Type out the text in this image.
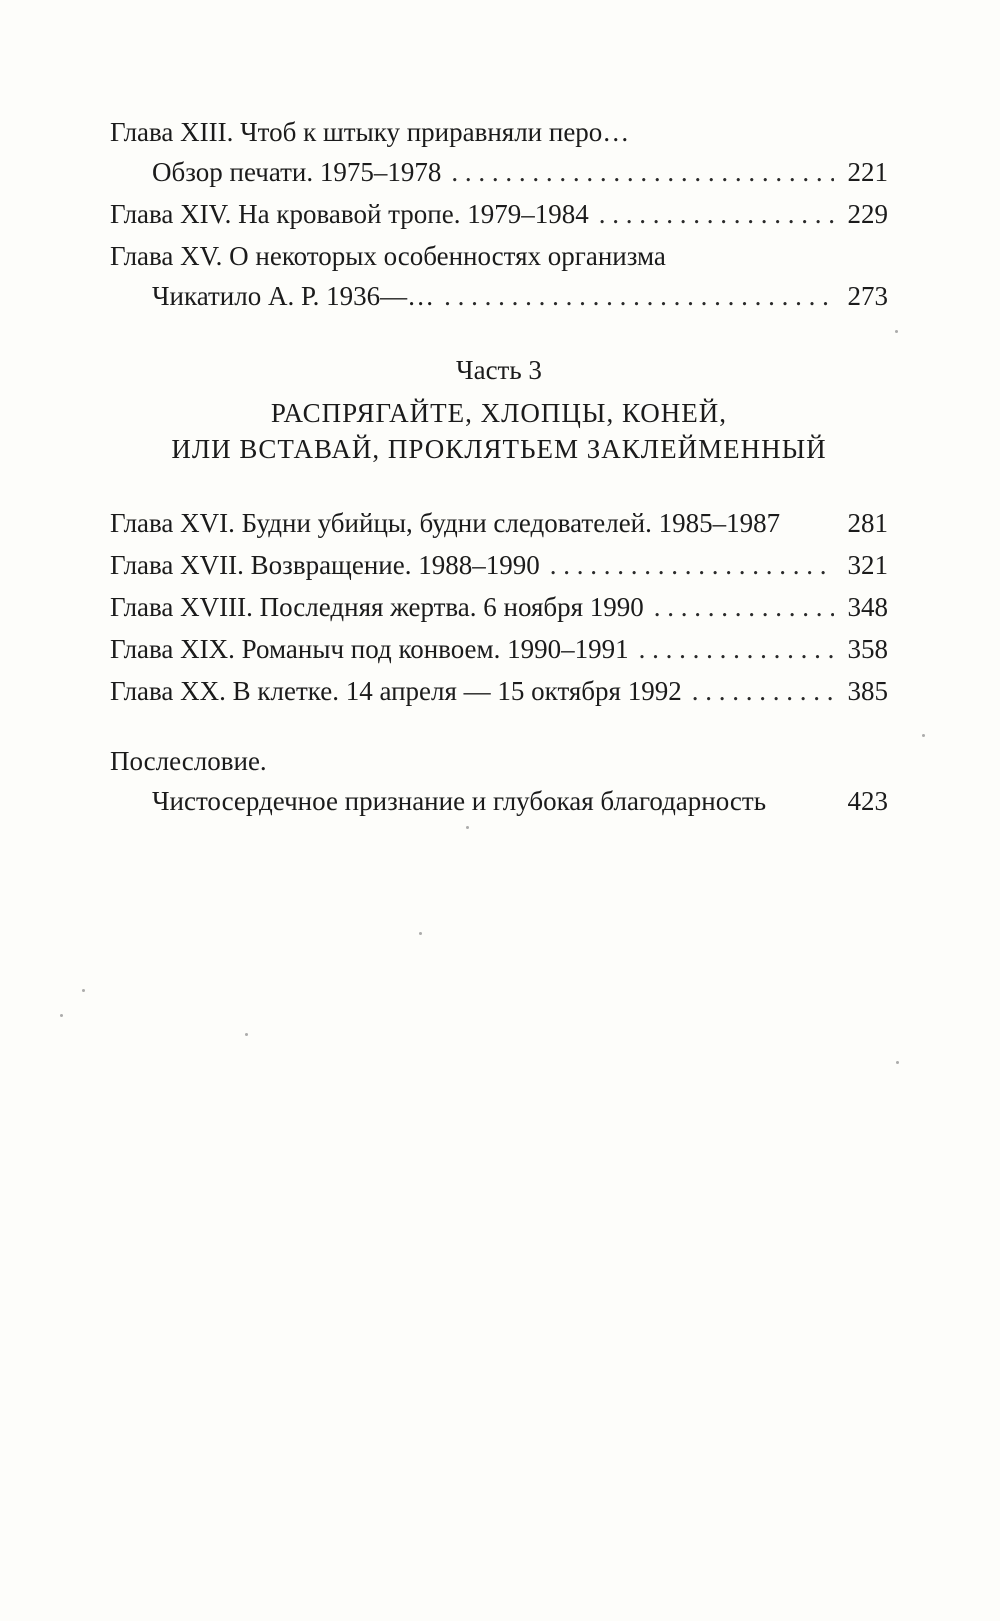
Глава XIII. Чтоб к штыку приравняли перо…
Обзор печати. 1975–1978 . . .	221
Глава XIV. На кровавой тропе. 1979–1984 . . .	229
Глава XV. О некоторых особенностях организма
Чикатило А. Р. 1936—… . . .	273
Часть 3
РАСПРЯГАЙТЕ, ХЛОПЦЫ, КОНЕЙ,
ИЛИ ВСТАВАЙ, ПРОКЛЯТЬЕМ ЗАКЛЕЙМЕННЫЙ
Глава XVI. Будни убийцы, будни следователей. 1985–1987 281
Глава XVII. Возвращение. 1988–1990 . . .	321
Глава XVIII. Последняя жертва. 6 ноября 1990 . . .	348
Глава XIX. Романыч под конвоем. 1990–1991 . . .	358
Глава XX. В клетке. 14 апреля — 15 октября 1992 . . .	385
Послесловие.
Чистосердечное признание и глубокая благодарность	423
